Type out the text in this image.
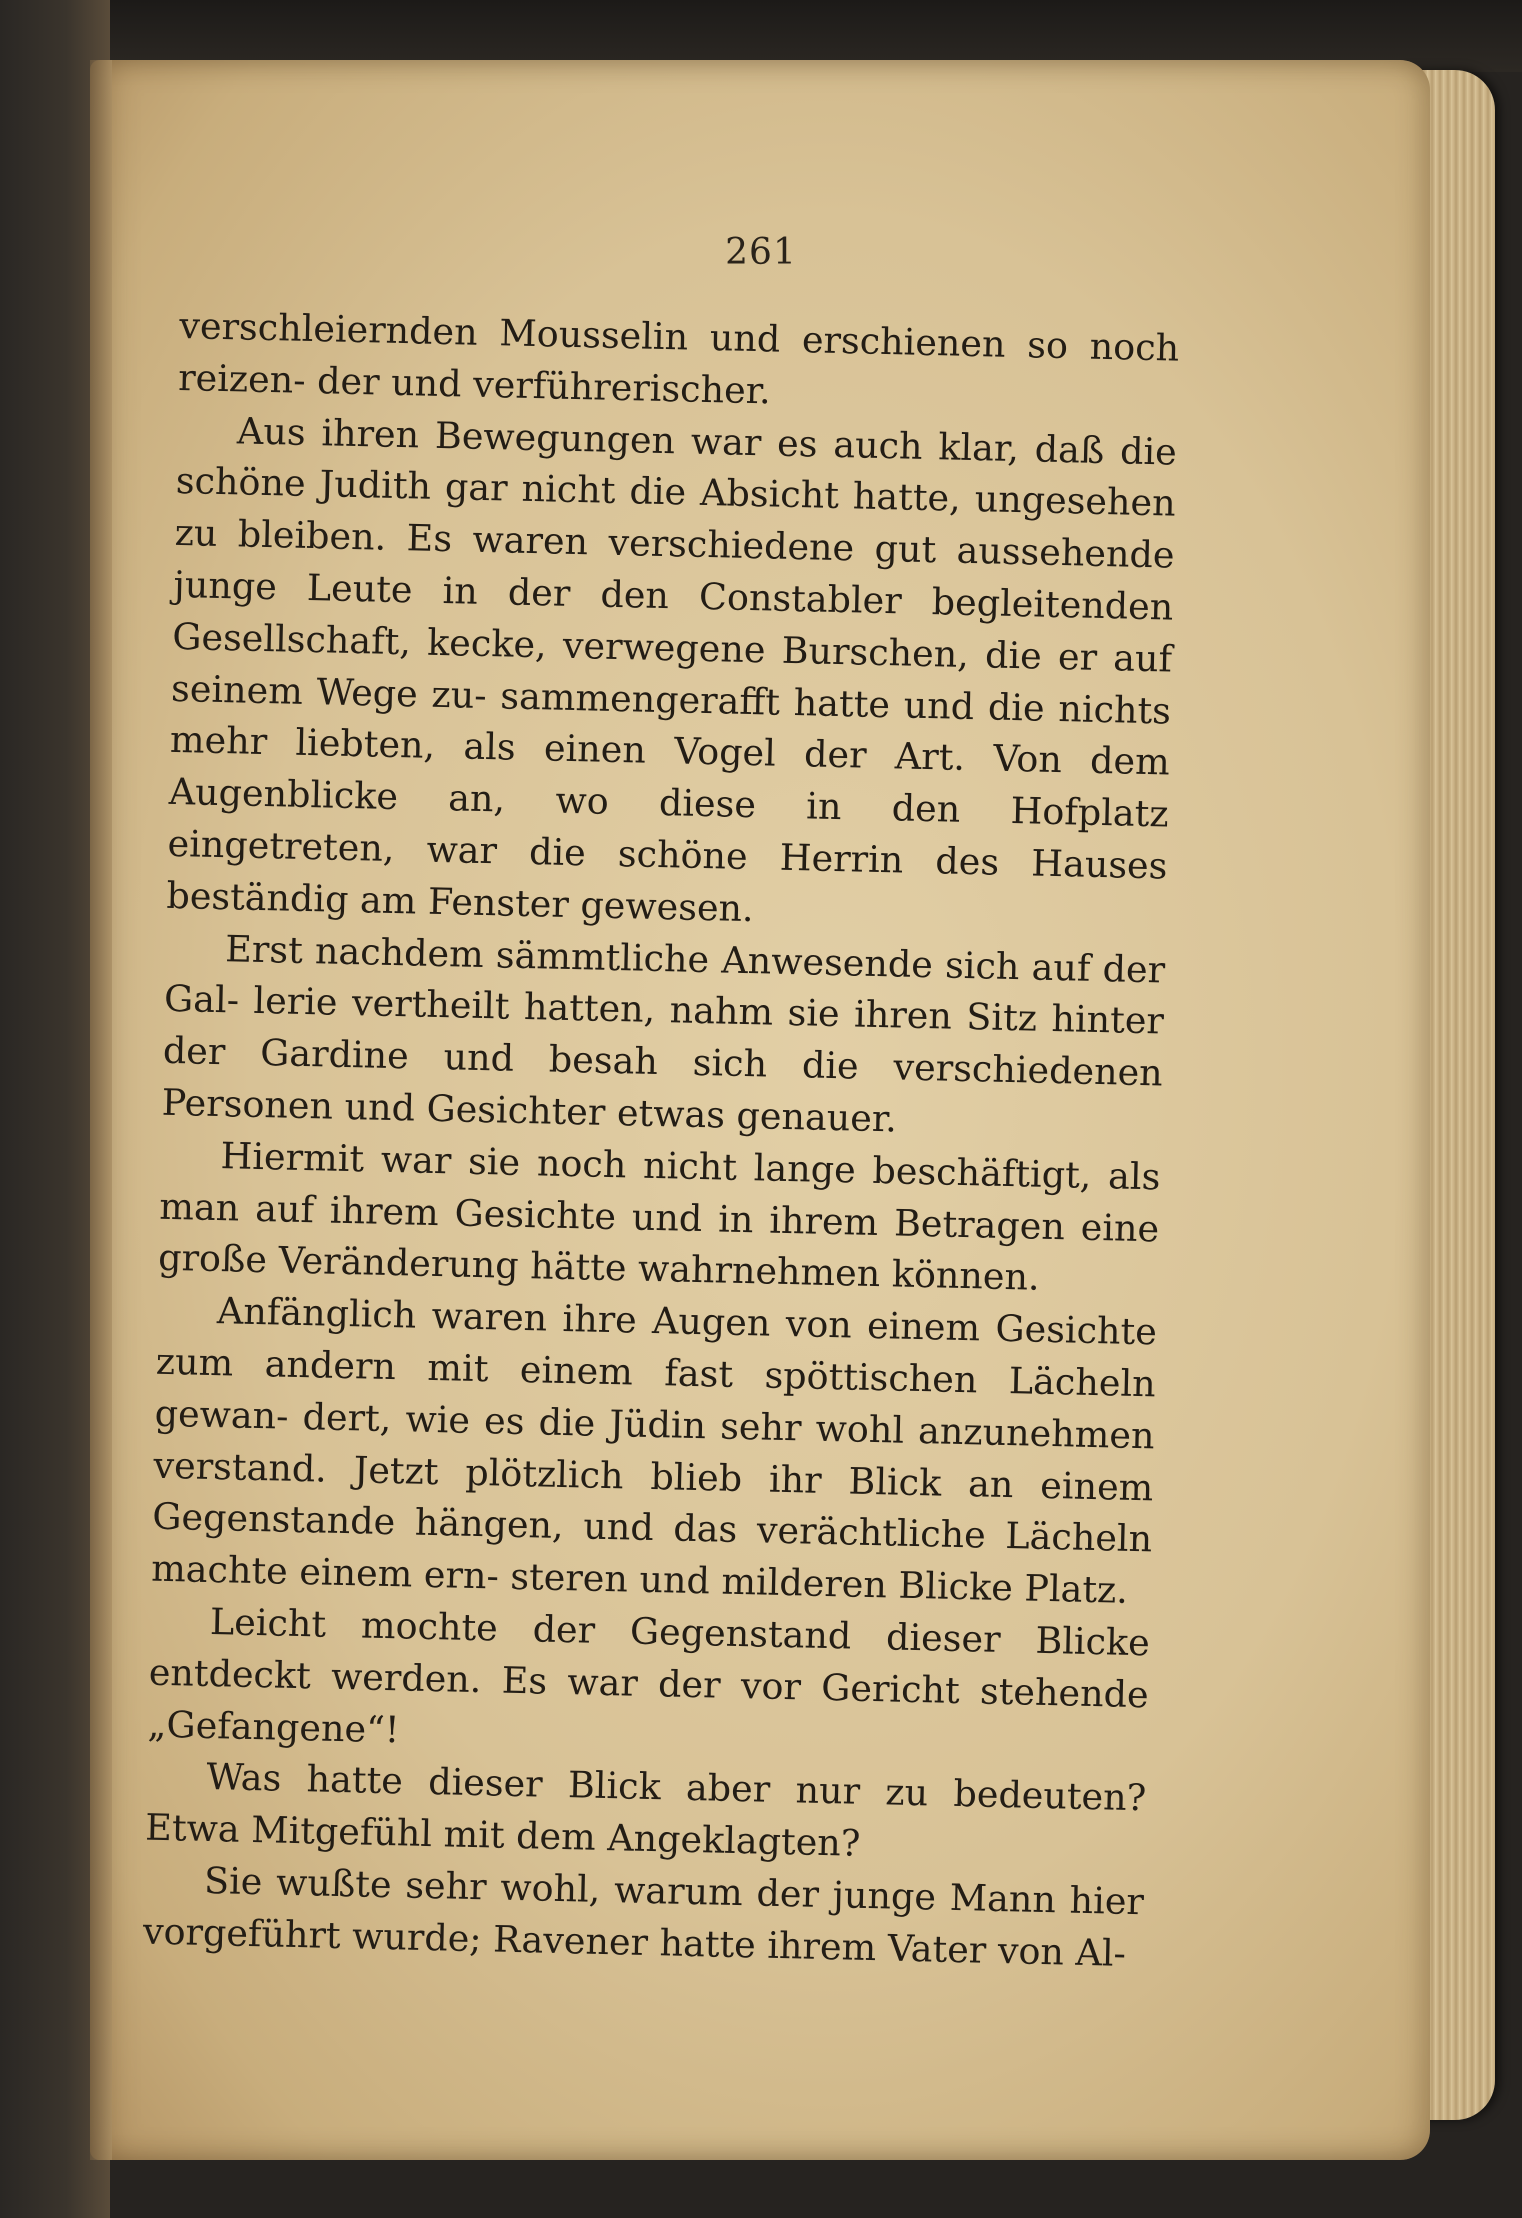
261

verschleiernden Mousselin und erschienen so noch reizen- der und verführerischer.

Aus ihren Bewegungen war es auch klar, daß die schöne Judith gar nicht die Absicht hatte, ungesehen zu bleiben. Es waren verschiedene gut aussehende junge Leute in der den Constabler begleitenden Gesellschaft, kecke, verwegene Burschen, die er auf seinem Wege zu- sammengerafft hatte und die nichts mehr liebten, als einen Vogel der Art. Von dem Augenblicke an, wo diese in den Hofplatz eingetreten, war die schöne Herrin des Hauses beständig am Fenster gewesen.

Erst nachdem sämmtliche Anwesende sich auf der Gal- lerie vertheilt hatten, nahm sie ihren Sitz hinter der Gardine und besah sich die verschiedenen Personen und Gesichter etwas genauer.

Hiermit war sie noch nicht lange beschäftigt, als man auf ihrem Gesichte und in ihrem Betragen eine große Veränderung hätte wahrnehmen können.

Anfänglich waren ihre Augen von einem Gesichte zum andern mit einem fast spöttischen Lächeln gewan- dert, wie es die Jüdin sehr wohl anzunehmen verstand. Jetzt plötzlich blieb ihr Blick an einem Gegenstande hängen, und das verächtliche Lächeln machte einem ern- steren und milderen Blicke Platz.

Leicht mochte der Gegenstand dieser Blicke entdeckt werden. Es war der vor Gericht stehende „Gefangene“!

Was hatte dieser Blick aber nur zu bedeuten? Etwa Mitgefühl mit dem Angeklagten?

Sie wußte sehr wohl, warum der junge Mann hier vorgeführt wurde; Ravener hatte ihrem Vater von Al-
